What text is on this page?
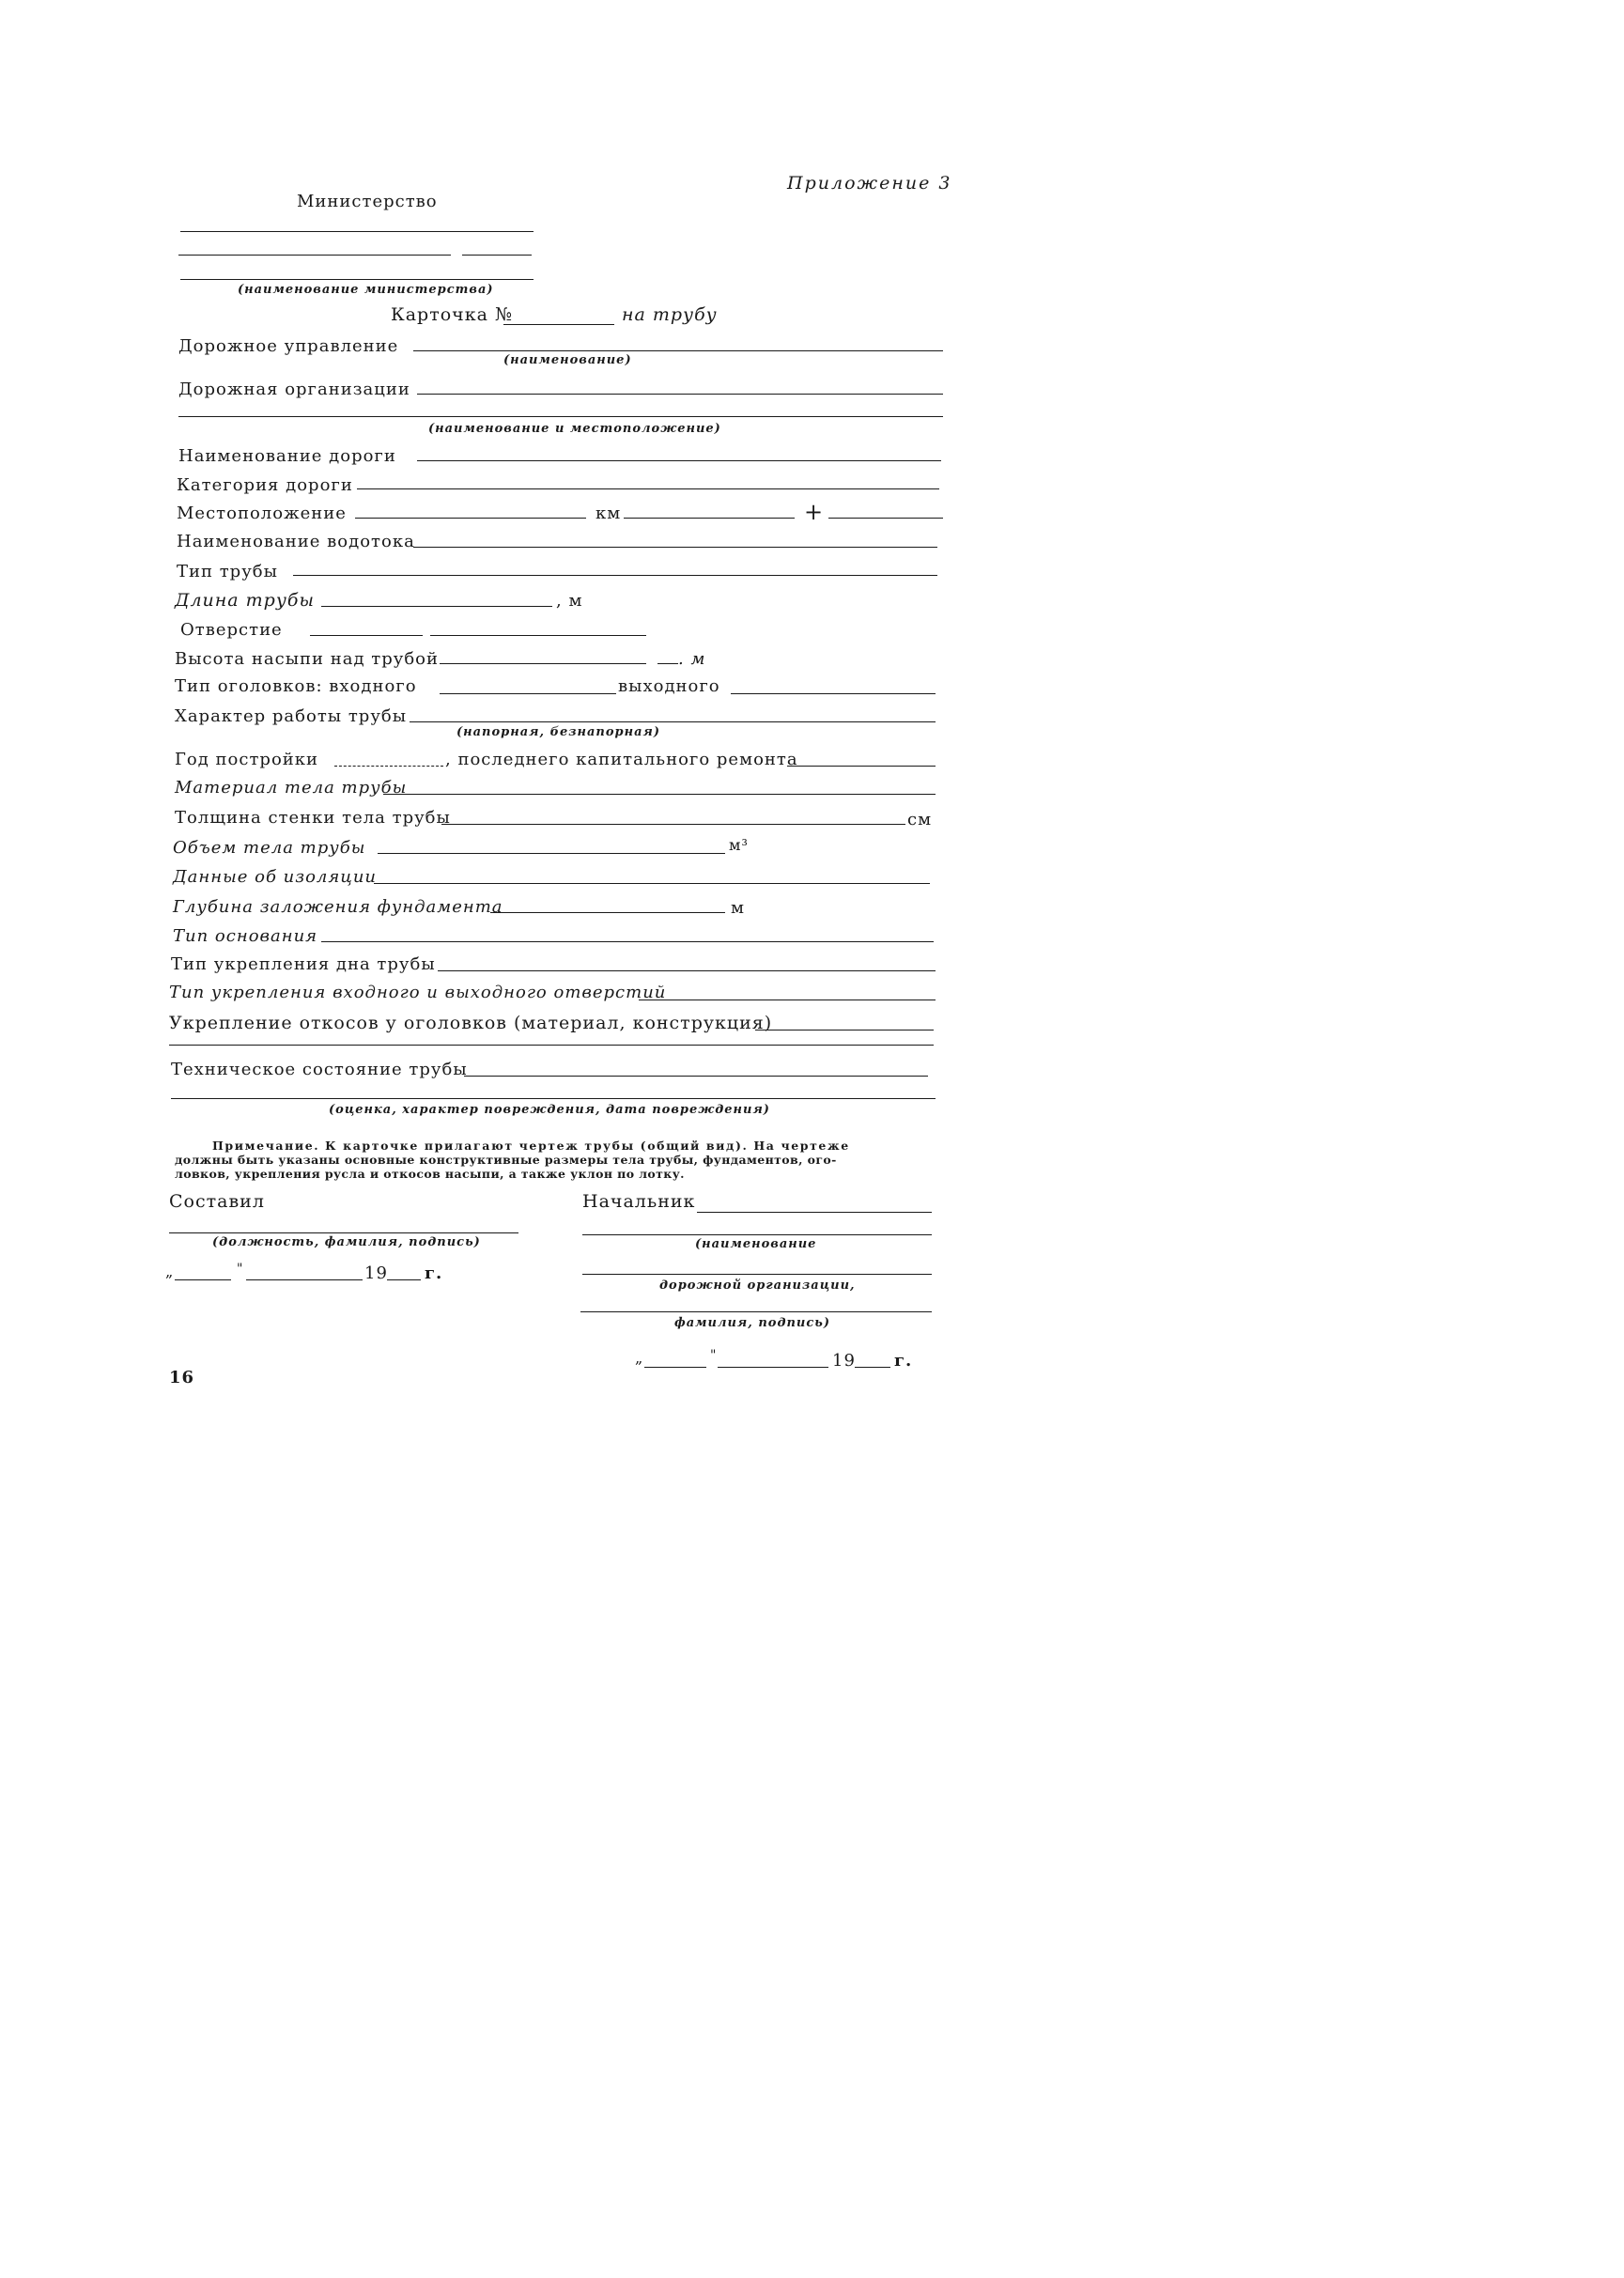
Приложение 3
Министерство
(наименование министерства)
Карточка №	на трубу
Дорожное управление
(наименование)
Дорожная организации
(наименование и местоположение)
Наименование дороги
Категория дороги
Местоположение	км	+
Наименование водотока
Тип трубы
Длина трубы	, м
Отверстие
Высота насыпи над трубой	. м
Тип оголовков: входного	выходного
Характер работы трубы
(напорная, безнапорная)
Год постройки	, последнего капитального ремонта
Материал тела трубы
Толщина стенки тела трубы	см
Объем тела трубы	м³
Данные об изоляции
Глубина заложения фундамента	м
Тип основания
Тип укрепления дна трубы
Тип укрепления входного и выходного отверстий
Укрепление откосов у оголовков (материал, конструкция)
Техническое состояние трубы
(оценка, характер повреждения, дата повреждения)
Примечание. К карточке прилагают чертеж трубы (общий вид). На чертеже
должны быть указаны основные конструктивные размеры тела трубы, фундаментов, ого-
ловков, укрепления русла и откосов насыпи, а также уклон по лотку.
Составил
(должность, фамилия, подпись)
„	"	19 г.
Начальник
(наименование
дорожной организации,
фамилия, подпись)
„	"	19 г.
16
